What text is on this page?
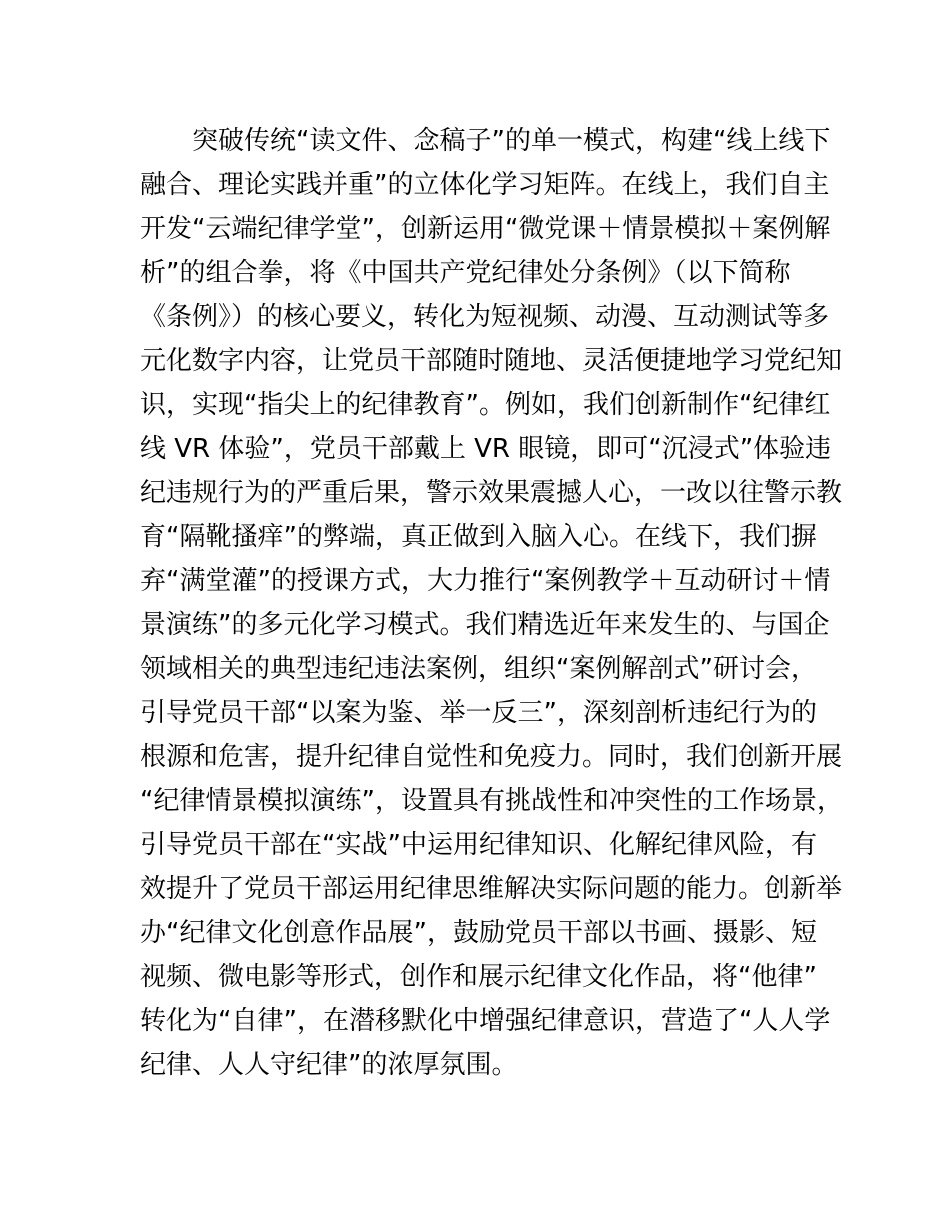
突破传统“读文件、念稿子”的单一模式，构建“线上线下
融合、理论实践并重”的立体化学习矩阵。在线上，我们自主
开发“云端纪律学堂”，创新运用“微党课＋情景模拟＋案例解
析”的组合拳，将《中国共产党纪律处分条例》（以下简称
《条例》）的核心要义，转化为短视频、动漫、互动测试等多
元化数字内容，让党员干部随时随地、灵活便捷地学习党纪知
识，实现“指尖上的纪律教育”。例如，我们创新制作“纪律红
线 VR 体验”，党员干部戴上 VR 眼镜，即可“沉浸式”体验违
纪违规行为的严重后果，警示效果震撼人心，一改以往警示教
育“隔靴搔痒”的弊端，真正做到入脑入心。在线下，我们摒
弃“满堂灌”的授课方式，大力推行“案例教学＋互动研讨＋情
景演练”的多元化学习模式。我们精选近年来发生的、与国企
领域相关的典型违纪违法案例，组织“案例解剖式”研讨会，
引导党员干部“以案为鉴、举一反三”，深刻剖析违纪行为的
根源和危害，提升纪律自觉性和免疫力。同时，我们创新开展
“纪律情景模拟演练”，设置具有挑战性和冲突性的工作场景，
引导党员干部在“实战”中运用纪律知识、化解纪律风险，有
效提升了党员干部运用纪律思维解决实际问题的能力。创新举
办“纪律文化创意作品展”，鼓励党员干部以书画、摄影、短
视频、微电影等形式，创作和展示纪律文化作品，将“他律”
转化为“自律”，在潜移默化中增强纪律意识，营造了“人人学
纪律、人人守纪律”的浓厚氛围。
